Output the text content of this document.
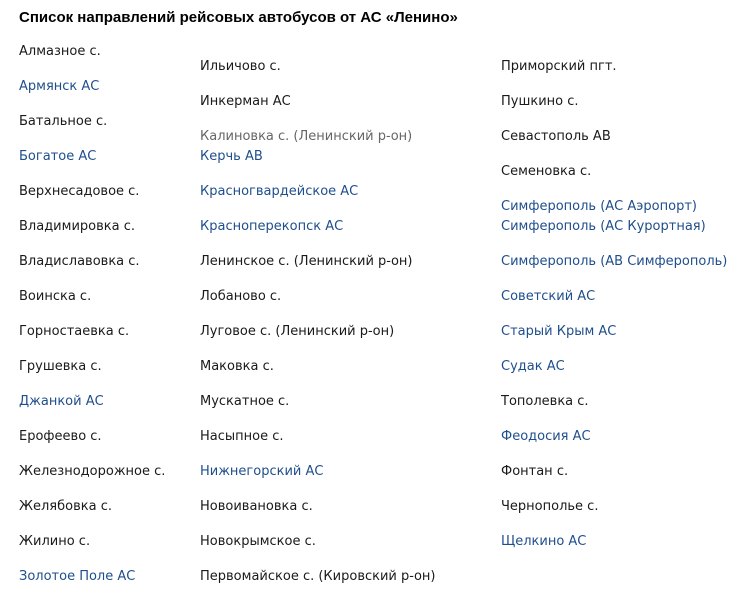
Список направлений рейсовых автобусов от АС «Ленино»
Алмазное с.
Армянск АС
Батальное с.
Богатое АС
Верхнесадовое с.
Владимировка с.
Владиславовка с.
Воинска с.
Горностаевка с.
Грушевка с.
Джанкой АС
Ерофеево с.
Железнодорожное с.
Желябовка с.
Жилино с.
Золотое Поле АС
Ильичово с.
Инкерман АС
Калиновка с. (Ленинский р-он)
Керчь АВ
Красногвардейское АС
Красноперекопск АС
Ленинское с. (Ленинский р-он)
Лобаново с.
Луговое с. (Ленинский р-он)
Маковка с.
Мускатное с.
Насыпное с.
Нижнегорский АС
Новоивановка с.
Новокрымское с.
Первомайское с. (Кировский р-он)
Приморский пгт.
Пушкино с.
Севастополь АВ
Семеновка с.
Симферополь (АС Аэропорт)
Симферополь (АС Курортная)
Симферополь (АВ Симферополь)
Советский АС
Старый Крым АС
Судак АС
Тополевка с.
Феодосия АС
Фонтан с.
Чернополье с.
Щелкино АС
